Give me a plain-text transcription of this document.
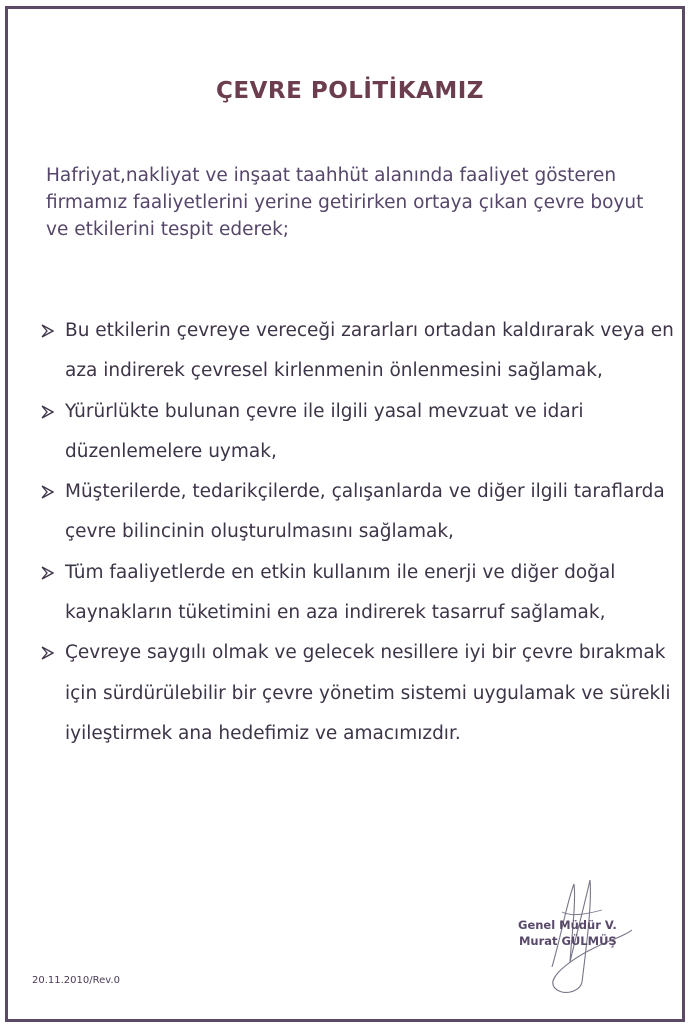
ÇEVRE POLİTİKAMIZ
Hafriyat,nakliyat ve inşaat taahhüt alanında faaliyet gösteren firmamız faaliyetlerini yerine getirirken ortaya çıkan çevre boyut ve etkilerini tespit ederek;
Bu etkilerin çevreye vereceği zararları ortadan kaldırarak veya en aza indirerek çevresel kirlenmenin önlenmesini sağlamak,
Yürürlükte bulunan çevre ile ilgili yasal mevzuat ve idari düzenlemelere uymak,
Müşterilerde, tedarikçilerde, çalışanlarda ve diğer ilgili taraflarda çevre bilincinin oluşturulmasını sağlamak,
Tüm faaliyetlerde en etkin kullanım ile enerji ve diğer doğal kaynakların tüketimini en aza indirerek tasarruf sağlamak,
Çevreye saygılı olmak ve gelecek nesillere iyi bir çevre bırakmak için sürdürülebilir bir çevre yönetim sistemi uygulamak ve sürekli iyileştirmek ana hedefimiz ve amacımızdır.
Genel Müdür V.
Murat GÜLMÜŞ
20.11.2010/Rev.0
